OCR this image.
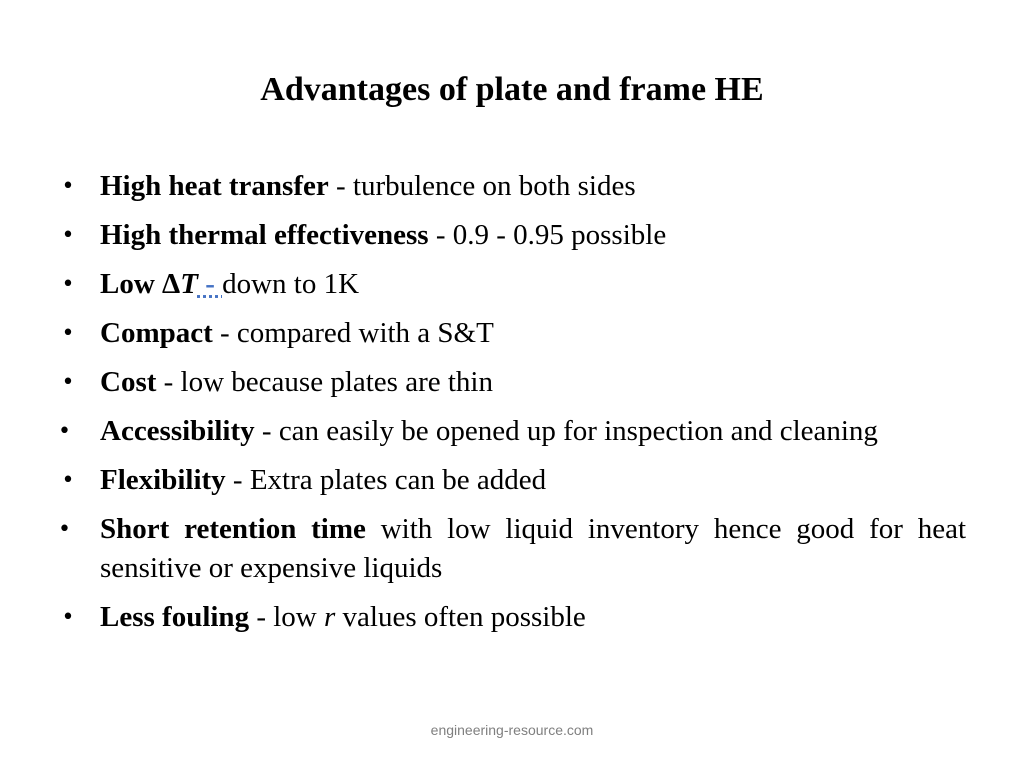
Advantages of plate and frame HE
• High heat transfer - turbulence on both sides
• High thermal effectiveness - 0.9 - 0.95 possible
• Low ΔT - down to 1K
• Compact - compared with a S&T
• Cost - low because plates are thin
• Accessibility - can easily be opened up for inspection and cleaning
• Flexibility - Extra plates can be added
• Short retention time with low liquid inventory hence good for heat sensitive or expensive liquids
• Less fouling - low r values often possible
engineering-resource.com
